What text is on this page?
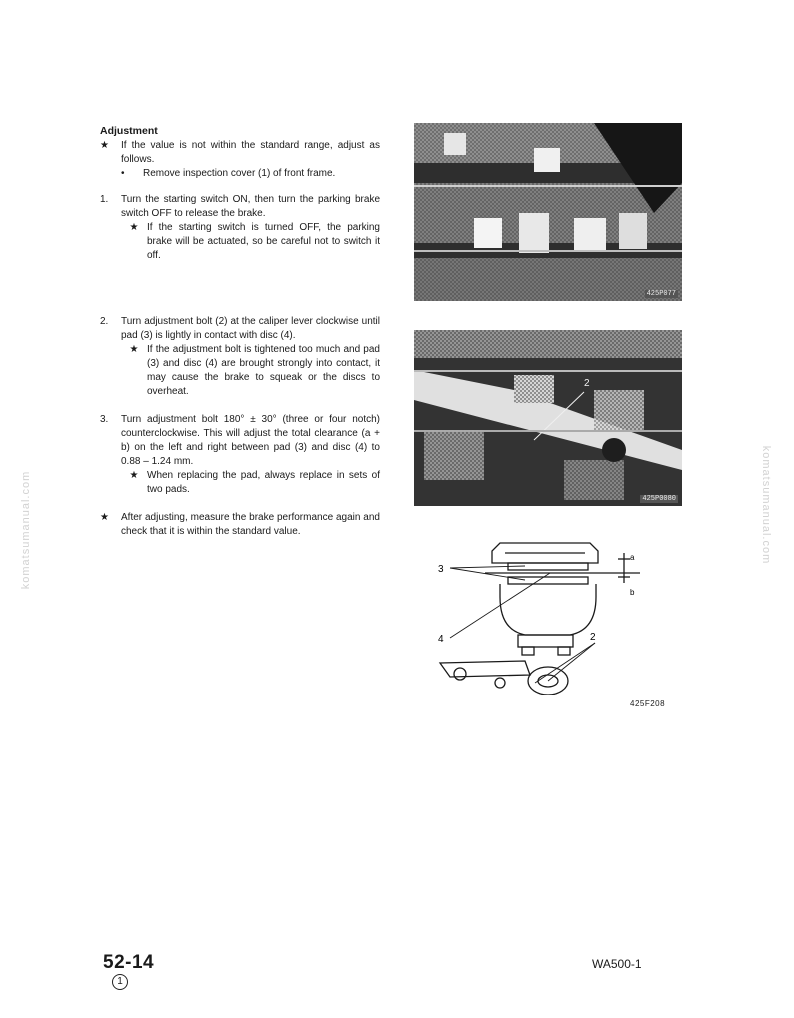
Adjustment
★	If the value is not within the standard range, adjust as follows.
•	Remove inspection cover (1) of front frame.
1.	Turn the starting switch ON, then turn the parking brake switch OFF to release the brake.
★ If the starting switch is turned OFF, the parking brake will be actuated, so be careful not to switch it off.
2.	Turn adjustment bolt (2) at the caliper lever clockwise until pad (3) is lightly in contact with disc (4).
★ If the adjustment bolt is tightened too much and pad (3) and disc (4) are brought strongly into contact, it may cause the brake to squeak or the discs to overheat.
3.	Turn adjustment bolt 180° ± 30° (three or four notch) counterclockwise. This will adjust the total clearance (a + b) on the left and right between pad (3) and disc (4) to 0.88 – 1.24 mm.
★ When replacing the pad, always replace in sets of two pads.
★	After adjusting, measure the brake performance again and check that it is within the standard value.
425P077
2
425P0080
3
4	2
a
b
425F208
komatsumanual.com	komatsumanual.com
52-14
1
WA500-1
